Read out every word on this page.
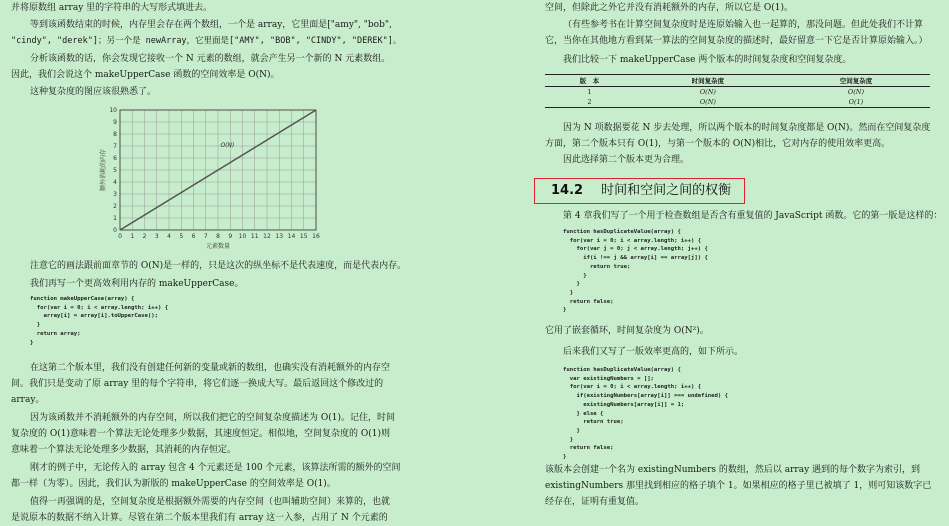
并将原数组 array 里的字符串的大写形式填进去。

等到该函数结束的时候，内存里会存在两个数组，一个是 array，它里面是["amy", "bob",

"cindy", "derek"]；另一个是 newArray，它里面是["AMY", "BOB", "CINDY", "DEREK"]。

分析该函数的话，你会发现它接收一个 N 元素的数组，就会产生另一个新的 N 元素数组。

因此，我们会说这个 makeUpperCase 函数的空间效率是 O(N)。

这种复杂度的图应该很熟悉了。

0 1 2 3 4 5 6 7 8 9 10 11 12 13 14 15 16
0
1
2
3
4
5
6
7
8
9
10
O(N)
元素数量
额外消耗的内存

注意它的画法跟前面章节的 O(N)是一样的，只是这次的纵坐标不是代表速度，而是代表内存。

我们再写一个更高效利用内存的 makeUpperCase。

function makeUpperCase(array) {
for(var i = 0; i < array.length; i++) {
array[i] = array[i].toUpperCase();
}
return array;
}

在这第二个版本里，我们没有创建任何新的变量或新的数组，也确实没有消耗额外的内存空

间。我们只是变动了原 array 里的每个字符串，将它们逐一换成大写。最后返回这个修改过的

array。

因为该函数并不消耗额外的内存空间，所以我们把它的空间复杂度描述为 O(1)。记住，时间

复杂度的 O(1)意味着一个算法无论处理多少数据，其速度恒定。相似地，空间复杂度的 O(1)则

意味着一个算法无论处理多少数据，其消耗的内存恒定。

刚才的例子中，无论传入的 array 包含 4 个元素还是 100 个元素，该算法所需的额外的空间

都一样（为零）。因此，我们认为新版的 makeUpperCase 的空间效率是 O(1)。

值得一再强调的是，空间复杂度是根据额外需要的内存空间（也叫辅助空间）来算的，也就

是说原本的数据不纳入计算。尽管在第二个版本里我们有 array 这一入参，占用了 N 个元素的

空间，但除此之外它并没有消耗额外的内存，所以它是 O(1)。

（有些参考书在计算空间复杂度时是连原始输入也一起算的，那没问题。但此处我们不计算

它，当你在其他地方看到某一算法的空间复杂度的描述时，最好留意一下它是否计算原始输入。）

我们比较一下 makeUpperCase 两个版本的时间复杂度和空间复杂度。

版　本	时间复杂度	空间复杂度
1	O(N)	O(N)
2	O(N)	O(1)

因为 N 项数据要花 N 步去处理，所以两个版本的时间复杂度都是 O(N)。然而在空间复杂度

方面，第二个版本只有 O(1)，与第一个版本的 O(N)相比，它对内存的使用效率更高。

因此选择第二个版本更为合理。

14.2 时间和空间之间的权衡

第 4 章我们写了一个用于检查数组是否含有重复值的 JavaScript 函数。它的第一版是这样的：

function hasDuplicateValue(array) {
for(var i = 0; i < array.length; i++) {
for(var j = 0; j < array.length; j++) {
if(i !== j && array[i] == array[j]) {
return true;
}
}
}
return false;
}

它用了嵌套循环，时间复杂度为 O(N²)。

后来我们又写了一版效率更高的，如下所示。

function hasDuplicateValue(array) {
var existingNumbers = [];
for(var i = 0; i < array.length; i++) {
if(existingNumbers[array[i]] === undefined) {
existingNumbers[array[i]] = 1;
} else {
return true;
}
}
return false;
}

该版本会创建一个名为 existingNumbers 的数组，然后以 array 遇到的每个数字为索引，到

existingNumbers 那里找到相应的格子填个 1。如果相应的格子里已被填了 1，则可知该数字已

经存在，证明有重复值。
